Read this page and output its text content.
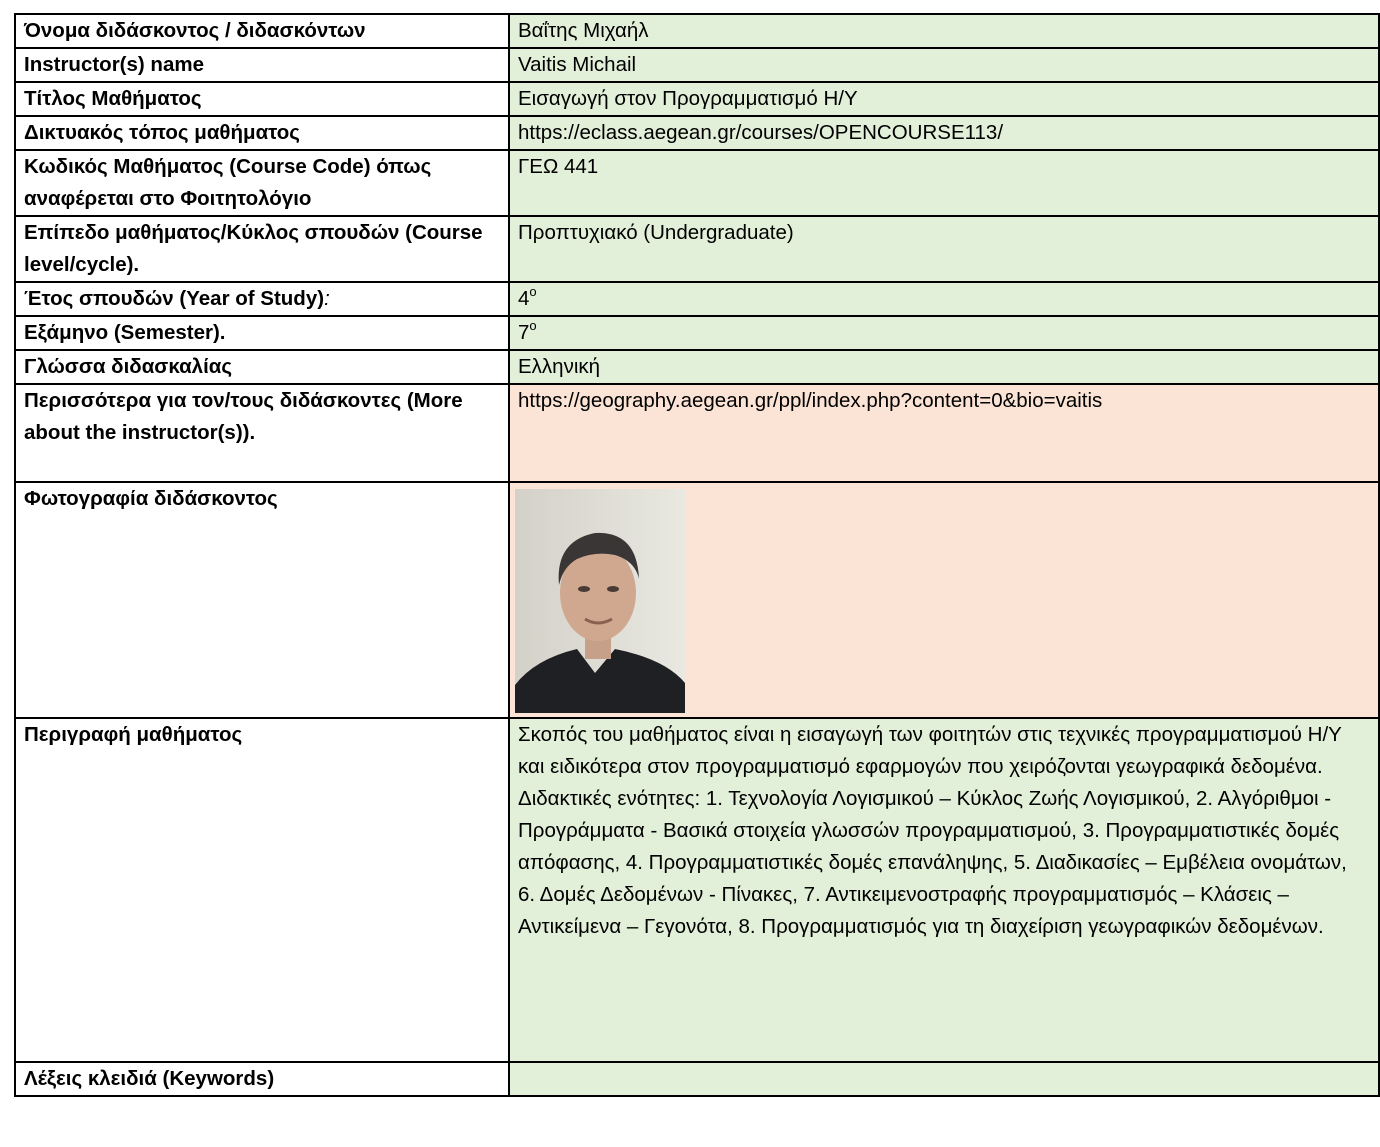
Όνομα διδάσκοντος / διδασκόντων	Βαΐτης Μιχαήλ
Instructor(s) name	Vaitis Michail
Τίτλος Μαθήματος	Εισαγωγή στον Προγραμματισμό Η/Υ
Δικτυακός τόπος μαθήματος	https://eclass.aegean.gr/courses/OPENCOURSE113/
Κωδικός Μαθήματος (Course Code) όπως αναφέρεται στο Φοιτητολόγιο	ΓΕΩ 441
Επίπεδο μαθήματος/Κύκλος σπουδών (Course level/cycle).	Προπτυχιακό (Undergraduate)
Έτος σπουδών (Year of Study):	$4^o$
Εξάμηνο (Semester).	$7^o$
Γλώσσα διδασκαλίας	Ελληνική
Περισσότερα για τον/τους διδάσκοντες (More about the instructor(s)).	https://geography.aegean.gr/ppl/index.php?content=0&bio=vaitis
Φωτογραφία διδάσκοντος	

Περιγραφή μαθήματος	Σκοπός του μαθήματος είναι η εισαγωγή των φοιτητών στις τεχνικές προγραμματισμού Η/Υ και ειδικότερα στον προγραμματισμό εφαρμογών που χειρόζονται γεωγραφικά δεδομένα.
Διδακτικές ενότητες: 1. Τεχνολογία Λογισμικού – Κύκλος Ζωής Λογισμικού, 2. Αλγόριθμοι - Προγράμματα - Βασικά στοιχεία γλωσσών προγραμματισμού, 3. Προγραμματιστικές δομές απόφασης, 4. Προγραμματιστικές δομές επανάληψης, 5. Διαδικασίες – Εμβέλεια ονομάτων, 6. Δομές Δεδομένων - Πίνακες, 7. Αντικειμενοστραφής προγραμματισμός – Κλάσεις – Αντικείμενα – Γεγονότα, 8. Προγραμματισμός για τη διαχείριση γεωγραφικών δεδομένων.

Λέξεις κλειδιά (Keywords)	
